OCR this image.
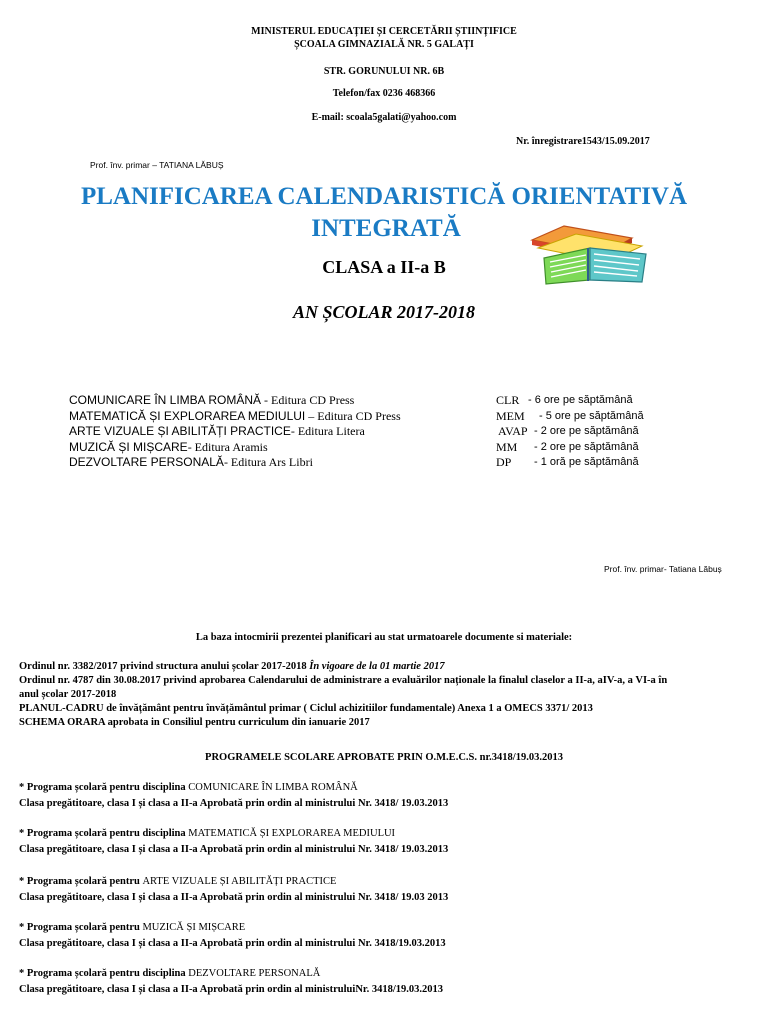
MINISTERUL EDUCAȚIEI ȘI CERCETĂRII ȘTIINȚIFICE
ȘCOALA GIMNAZIALĂ NR. 5 GALAȚI
STR. GORUNULUI NR. 6B
Telefon/fax 0236 468366
E-mail: scoala5galati@yahoo.com
Nr. înregistrare1543/15.09.2017
Prof. înv. primar – TATIANA LĂBUȘ
PLANIFICAREA CALENDARISTICĂ ORIENTATIVĂ
INTEGRATĂ
CLASA a II-a B
AN ȘCOLAR 2017-2018
COMUNICARE ÎN LIMBA ROMÂNĂ - Editura CD Press	CLR - 6 ore pe săptămână
MATEMATICĂ ȘI EXPLORAREA MEDIULUI – Editura CD Press	MEM - 5 ore pe săptămână
ARTE VIZUALE ȘI ABILITĂȚI PRACTICE- Editura Litera	AVAP - 2 ore pe săptămână
MUZICĂ ȘI MIȘCARE- Editura Aramis	MM - 2 ore pe săptămână
DEZVOLTARE PERSONALĂ- Editura Ars Libri	DP - 1 oră pe săptămână
Prof. înv. primar- Tatiana Lăbuș
La baza intocmirii prezentei planificari au stat urmatoarele documente si materiale:
Ordinul nr. 3382/2017 privind structura anului școlar 2017-2018 În vigoare de la 01 martie 2017
Ordinul nr. 4787 din 30.08.2017 privind aprobarea Calendarului de administrare a evaluărilor naționale la finalul claselor a II-a, aIV-a, a VI-a în
anul școlar 2017-2018
PLANUL-CADRU de învățământ pentru învățământul primar ( Ciclul achizitiilor fundamentale) Anexa 1 a OMECS 3371/ 2013
SCHEMA ORARA aprobata in Consiliul pentru curriculum din ianuarie 2017
PROGRAMELE SCOLARE APROBATE PRIN O.M.E.C.S. nr.3418/19.03.2013
* Programa școlară pentru disciplina COMUNICARE ÎN LIMBA ROMÂNĂ
Clasa pregătitoare, clasa I și clasa a II-a Aprobată prin ordin al ministrului Nr. 3418/ 19.03.2013
* Programa școlară pentru disciplina MATEMATICĂ ȘI EXPLORAREA MEDIULUI
Clasa pregătitoare, clasa I și clasa a II-a Aprobată prin ordin al ministrului Nr. 3418/ 19.03.2013
* Programa școlară pentru ARTE VIZUALE ȘI ABILITĂȚI PRACTICE
Clasa pregătitoare, clasa I și clasa a II-a Aprobată prin ordin al ministrului Nr. 3418/ 19.03 2013
* Programa școlară pentru MUZICĂ ȘI MIȘCARE
Clasa pregătitoare, clasa I și clasa a II-a Aprobată prin ordin al ministrului Nr. 3418/19.03.2013
* Programa școlară pentru disciplina DEZVOLTARE PERSONALĂ
Clasa pregătitoare, clasa I și clasa a II-a Aprobată prin ordin al ministruluiNr. 3418/19.03.2013
